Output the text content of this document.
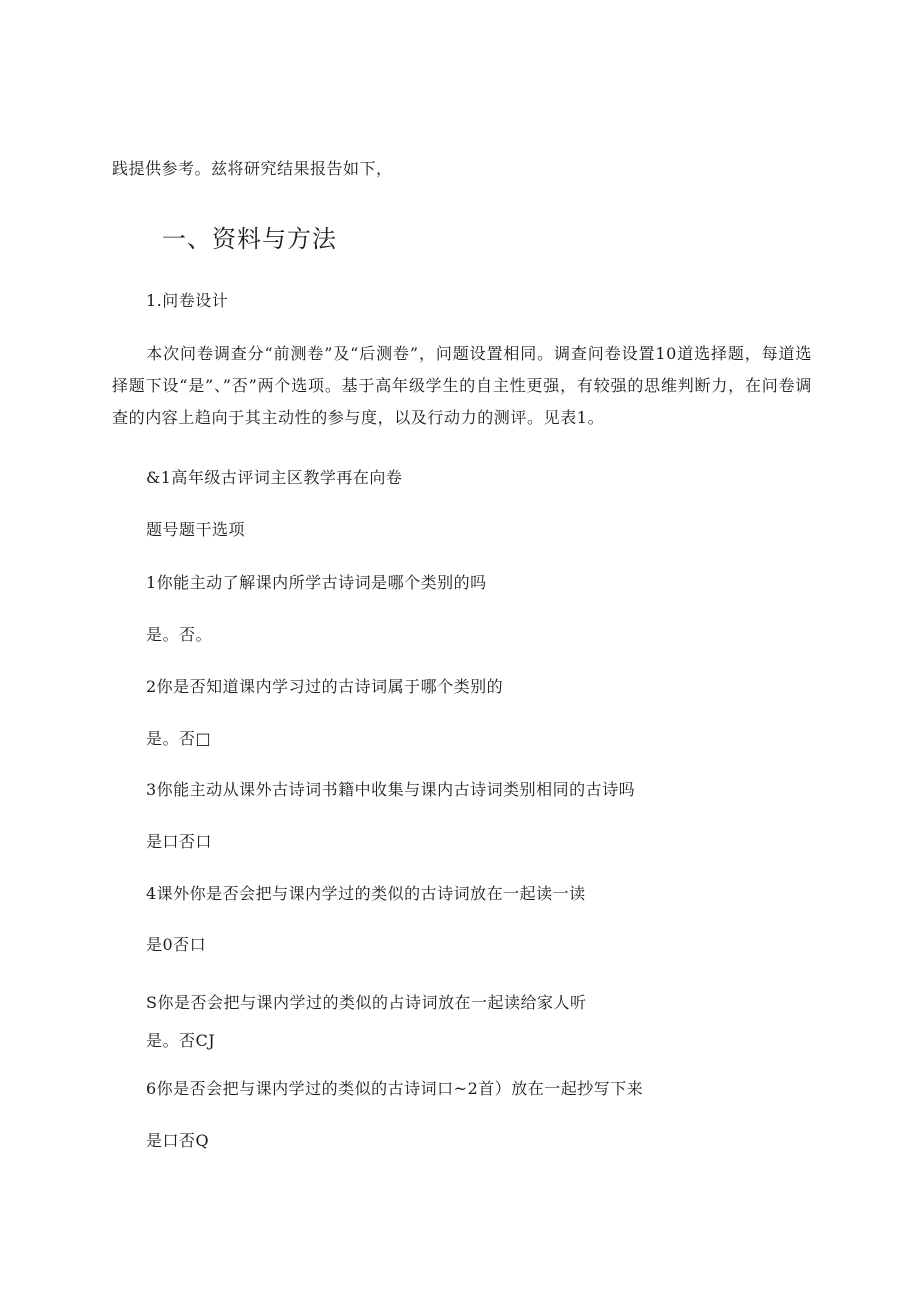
践提供参考。兹将研究结果报告如下，
一、资料与方法
1.问卷设计
本次问卷调查分“前测卷”及“后测卷”，问题设置相同。调查问卷设置10道选择题，每道选择题下设“是”、”否”两个选项。基于高年级学生的自主性更强，有较强的思维判断力，在问卷调查的内容上趋向于其主动性的参与度，以及行动力的测评。见表1。
&1高年级古评词主区教学再在向卷
题号题干选项
1你能主动了解课内所学古诗词是哪个类别的吗
是。否。
2你是否知道课内学习过的古诗词属于哪个类别的
是。否□
3你能主动从课外古诗词书籍中收集与课内古诗词类别相同的古诗吗
是口否口
4课外你是否会把与课内学过的类似的古诗词放在一起读一读
是0否口
S你是否会把与课内学过的类似的占诗词放在一起读给家人听
是。否CJ
6你是否会把与课内学过的类似的古诗词口~2首）放在一起抄写下来
是口否Q
